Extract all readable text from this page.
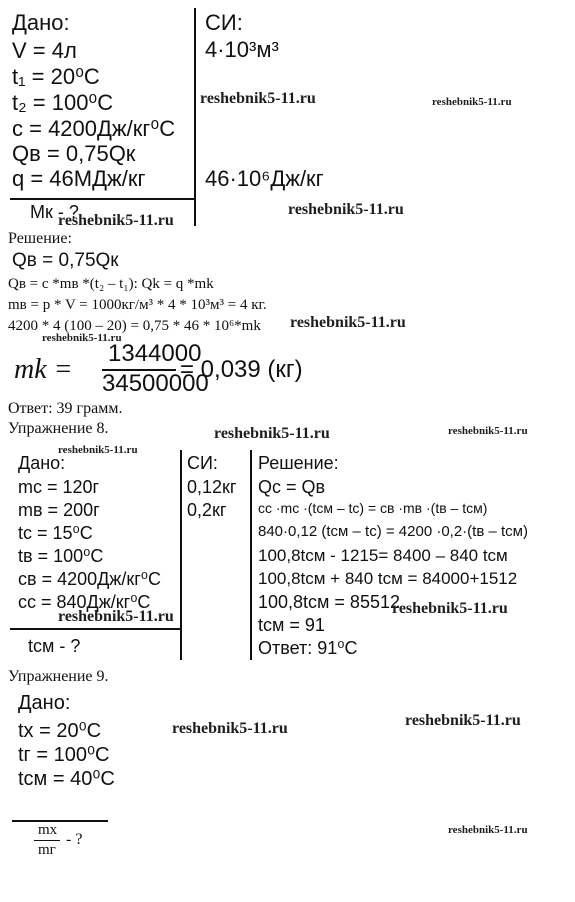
Дано:
V = 4л
t₁ = 20⁰C
t₂ = 100⁰C
c = 4200Дж/кг⁰C
Qв = 0,75Qк
q = 46МДж/кг
СИ:
4·10³м³
46·10⁶Дж/кг
Мк - ?
Решение:
Qв = 0,75Qк
Qв = c *mв *(t₂ – t₁): Qk = q *mk
mв = p * V = 1000кг/м³ * 4 * 10³м³ = 4 кг.
4200 * 4 (100 – 20) = 0,75 * 46 * 10⁶*mk
mk =
1344000
34500000
= 0,039 (кг)
Ответ: 39 грамм.
Упражнение 8.
Дано:
mс = 120г
mв = 200г
tс = 15⁰C
tв = 100⁰C
cв = 4200Дж/кг⁰C
cс = 840Дж/кг⁰C
tсм - ?
СИ:
0,12кг
0,2кг
Решение:
Qс = Qв
cс ·mс ·(tсм – tс) = cв ·mв ·(tв – tсм)
840·0,12 (tсм – tс) = 4200 ·0,2·(tв – tсм)
100,8tсм - 1215= 8400 – 840 tсм
100,8tсм + 840 tсм = 84000+1512
100,8tсм = 85512
tсм = 91
Ответ: 91⁰C
Упражнение 9.
Дано:
tх = 20⁰C
tг = 100⁰C
tсм = 40⁰C
mх
mг
- ?
reshebnik5-11.ru	reshebnik5-11.ru
reshebnik5-11.ru
reshebnik5-11.ru
reshebnik5-11.ru
reshebnik5-11.ru
reshebnik5-11.ru	reshebnik5-11.ru
reshebnik5-11.ru
reshebnik5-11.ru	reshebnik5-11.ru
reshebnik5-11.ru	reshebnik5-11.ru
reshebnik5-11.ru
